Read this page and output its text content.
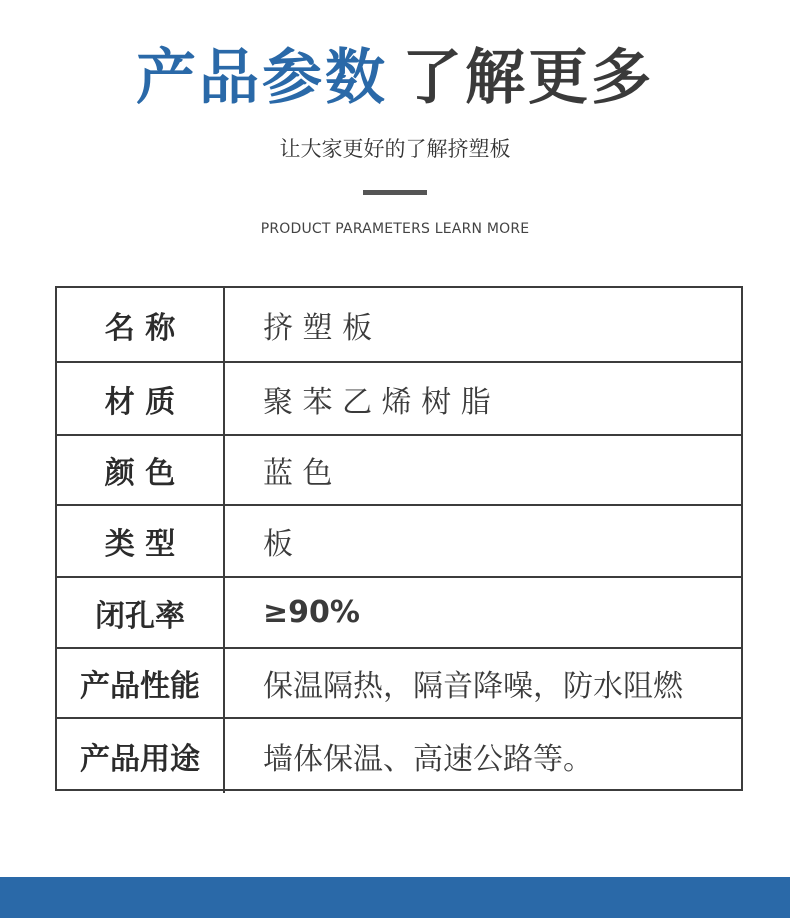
产品参数 了解更多
让大家更好的了解挤塑板
PRODUCT PARAMETERS LEARN MORE
名 称	挤 塑 板
材 质	聚 苯 乙 烯 树 脂
颜 色	蓝 色
类 型	板
闭孔率	≥90%
产品性能	保温隔热，隔音降噪，防水阻燃
产品用途	墙体保温、高速公路等。
